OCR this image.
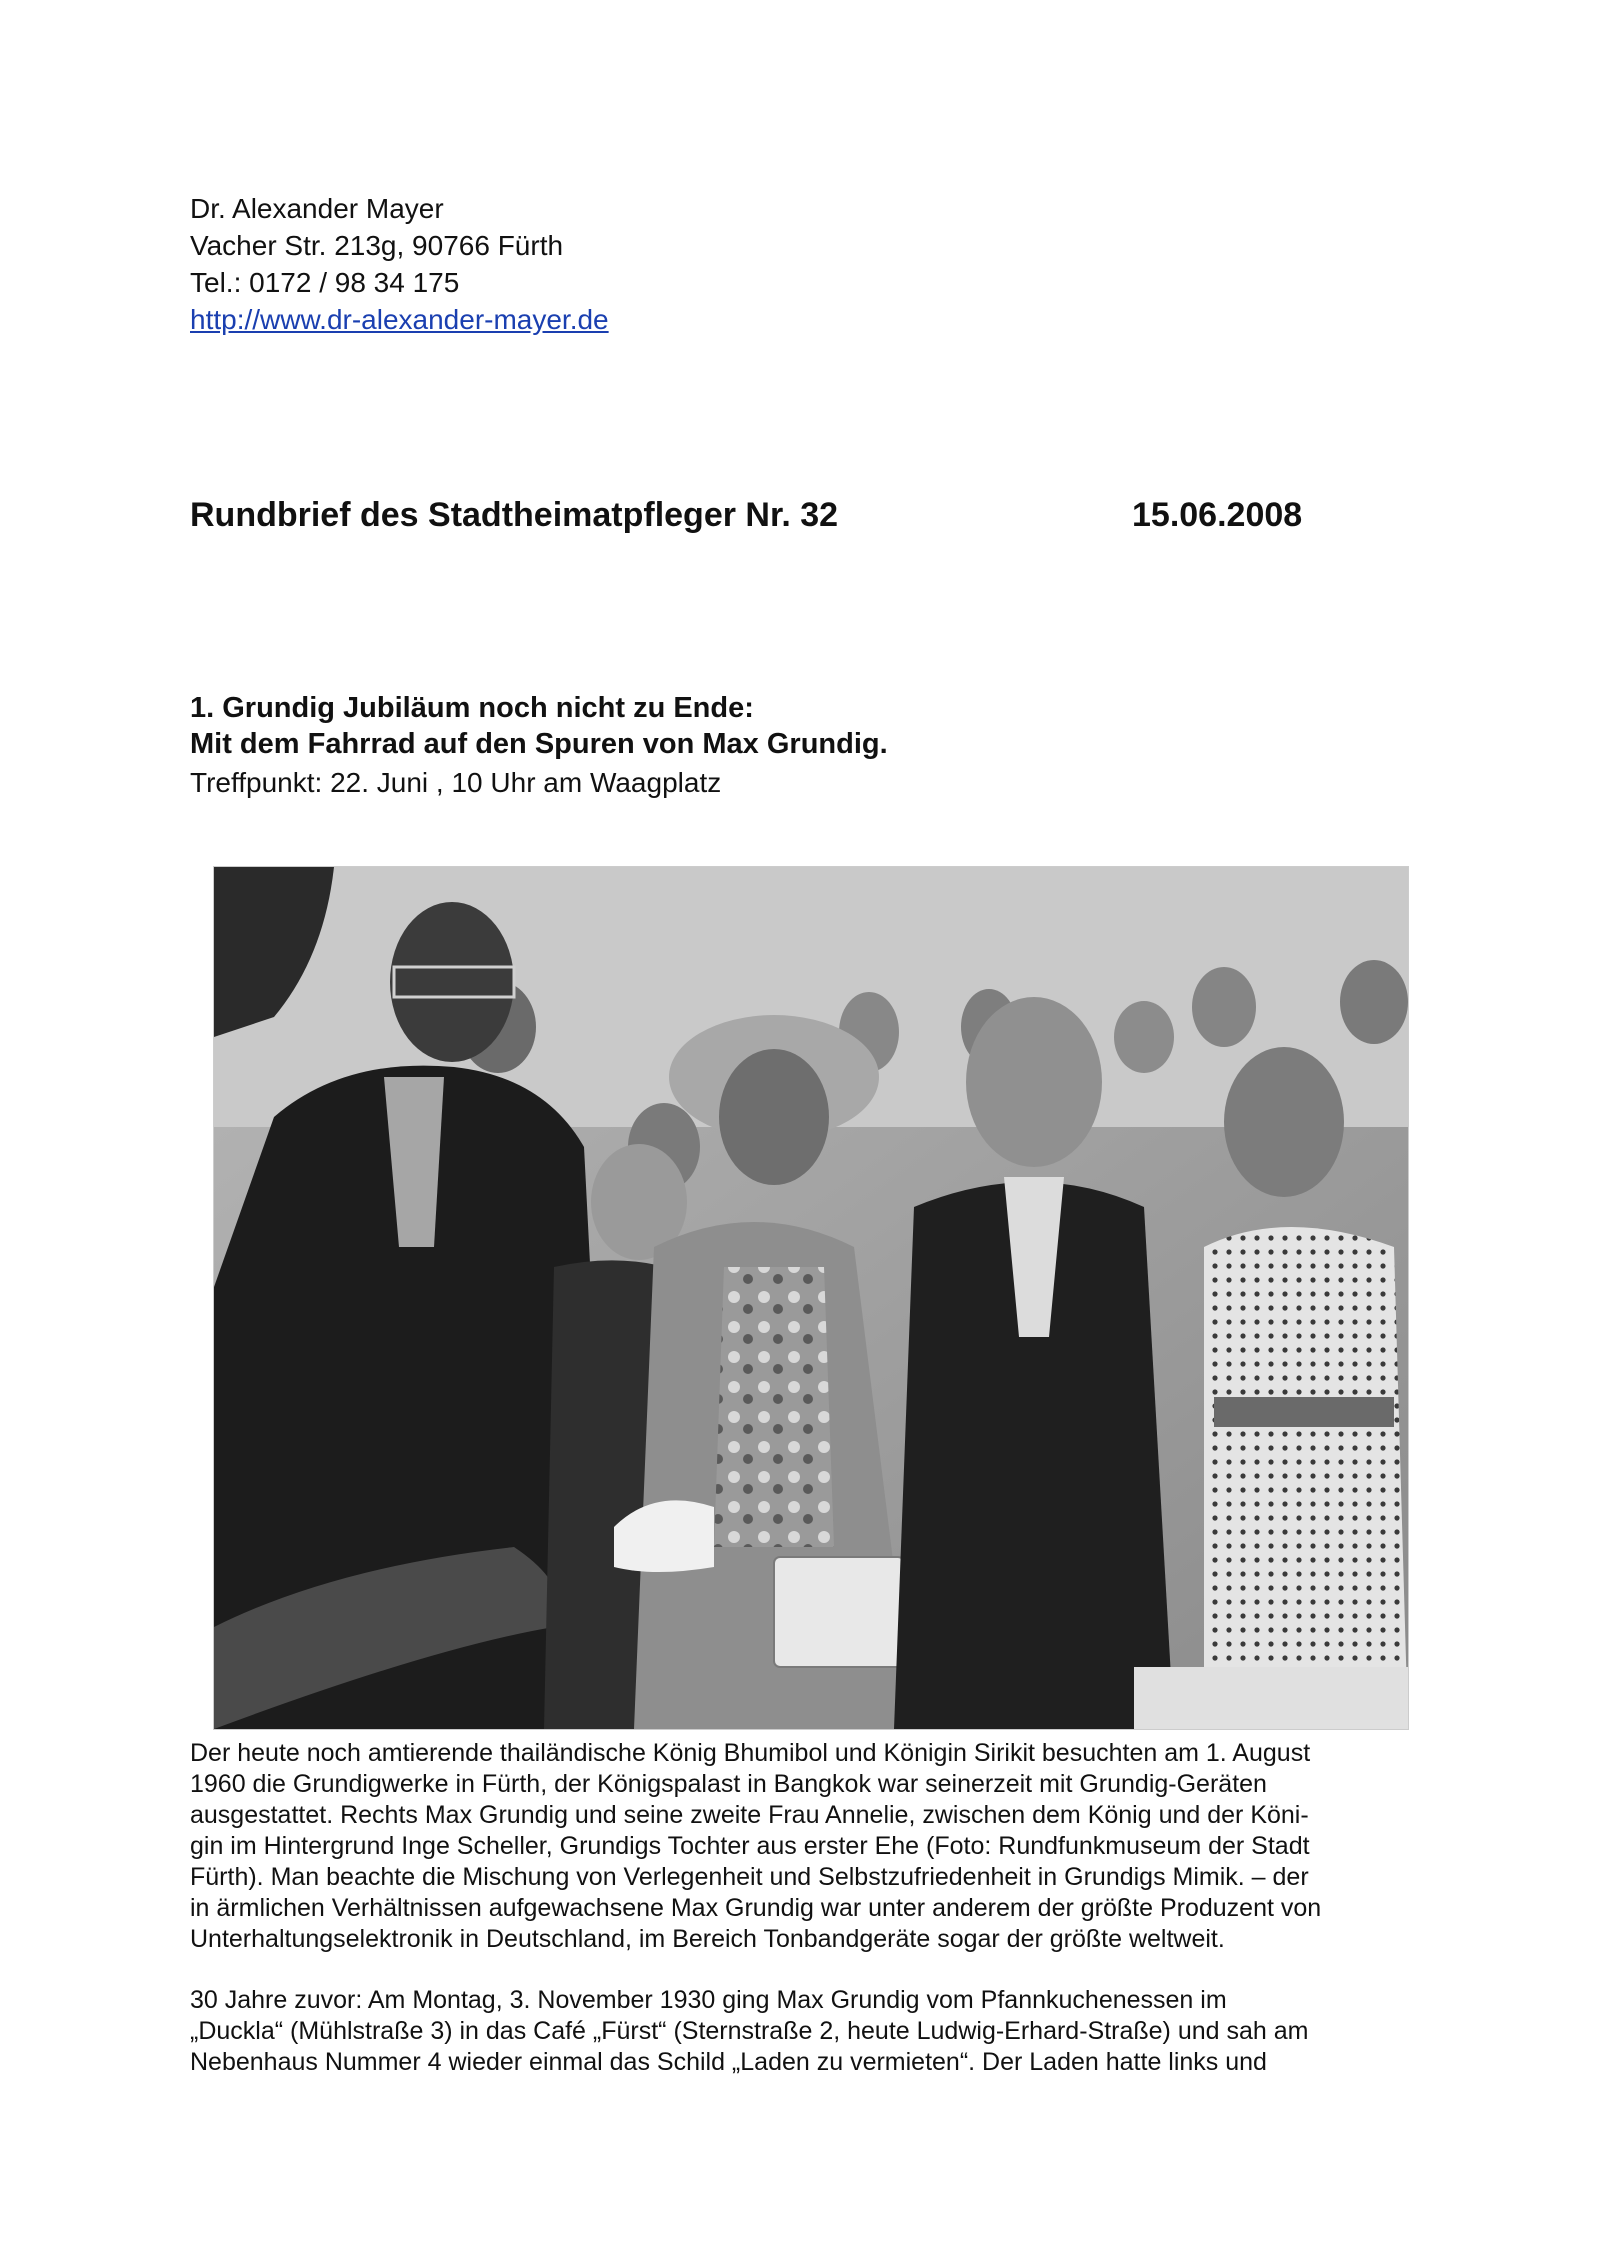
Dr. Alexander Mayer
Vacher Str. 213g, 90766 Fürth
Tel.: 0172 / 98 34 175
http://www.dr-alexander-mayer.de
Rundbrief des Stadtheimatpfleger Nr. 32	15.06.2008
1. Grundig Jubiläum noch nicht zu Ende:
Mit dem Fahrrad auf den Spuren von Max Grundig.
Treffpunkt: 22. Juni , 10 Uhr am Waagplatz
Der heute noch amtierende thailändische König Bhumibol und Königin Sirikit besuchten am 1. August
1960 die Grundigwerke in Fürth, der Königspalast in Bangkok war seinerzeit mit Grundig-Geräten
ausgestattet. Rechts Max Grundig und seine zweite Frau Annelie, zwischen dem König und der Köni-
gin im Hintergrund Inge Scheller, Grundigs Tochter aus erster Ehe (Foto: Rundfunkmuseum der Stadt
Fürth). Man beachte die Mischung von Verlegenheit und Selbstzufriedenheit in Grundigs Mimik. – der
in ärmlichen Verhältnissen aufgewachsene Max Grundig war unter anderem der größte Produzent von
Unterhaltungselektronik in Deutschland, im Bereich Tonbandgeräte sogar der größte weltweit.
30 Jahre zuvor: Am Montag, 3. November 1930 ging Max Grundig vom Pfannkuchenessen im
„Duckla“ (Mühlstraße 3) in das Café „Fürst“ (Sternstraße 2, heute Ludwig-Erhard-Straße) und sah am
Nebenhaus Nummer 4 wieder einmal das Schild „Laden zu vermieten“. Der Laden hatte links und
